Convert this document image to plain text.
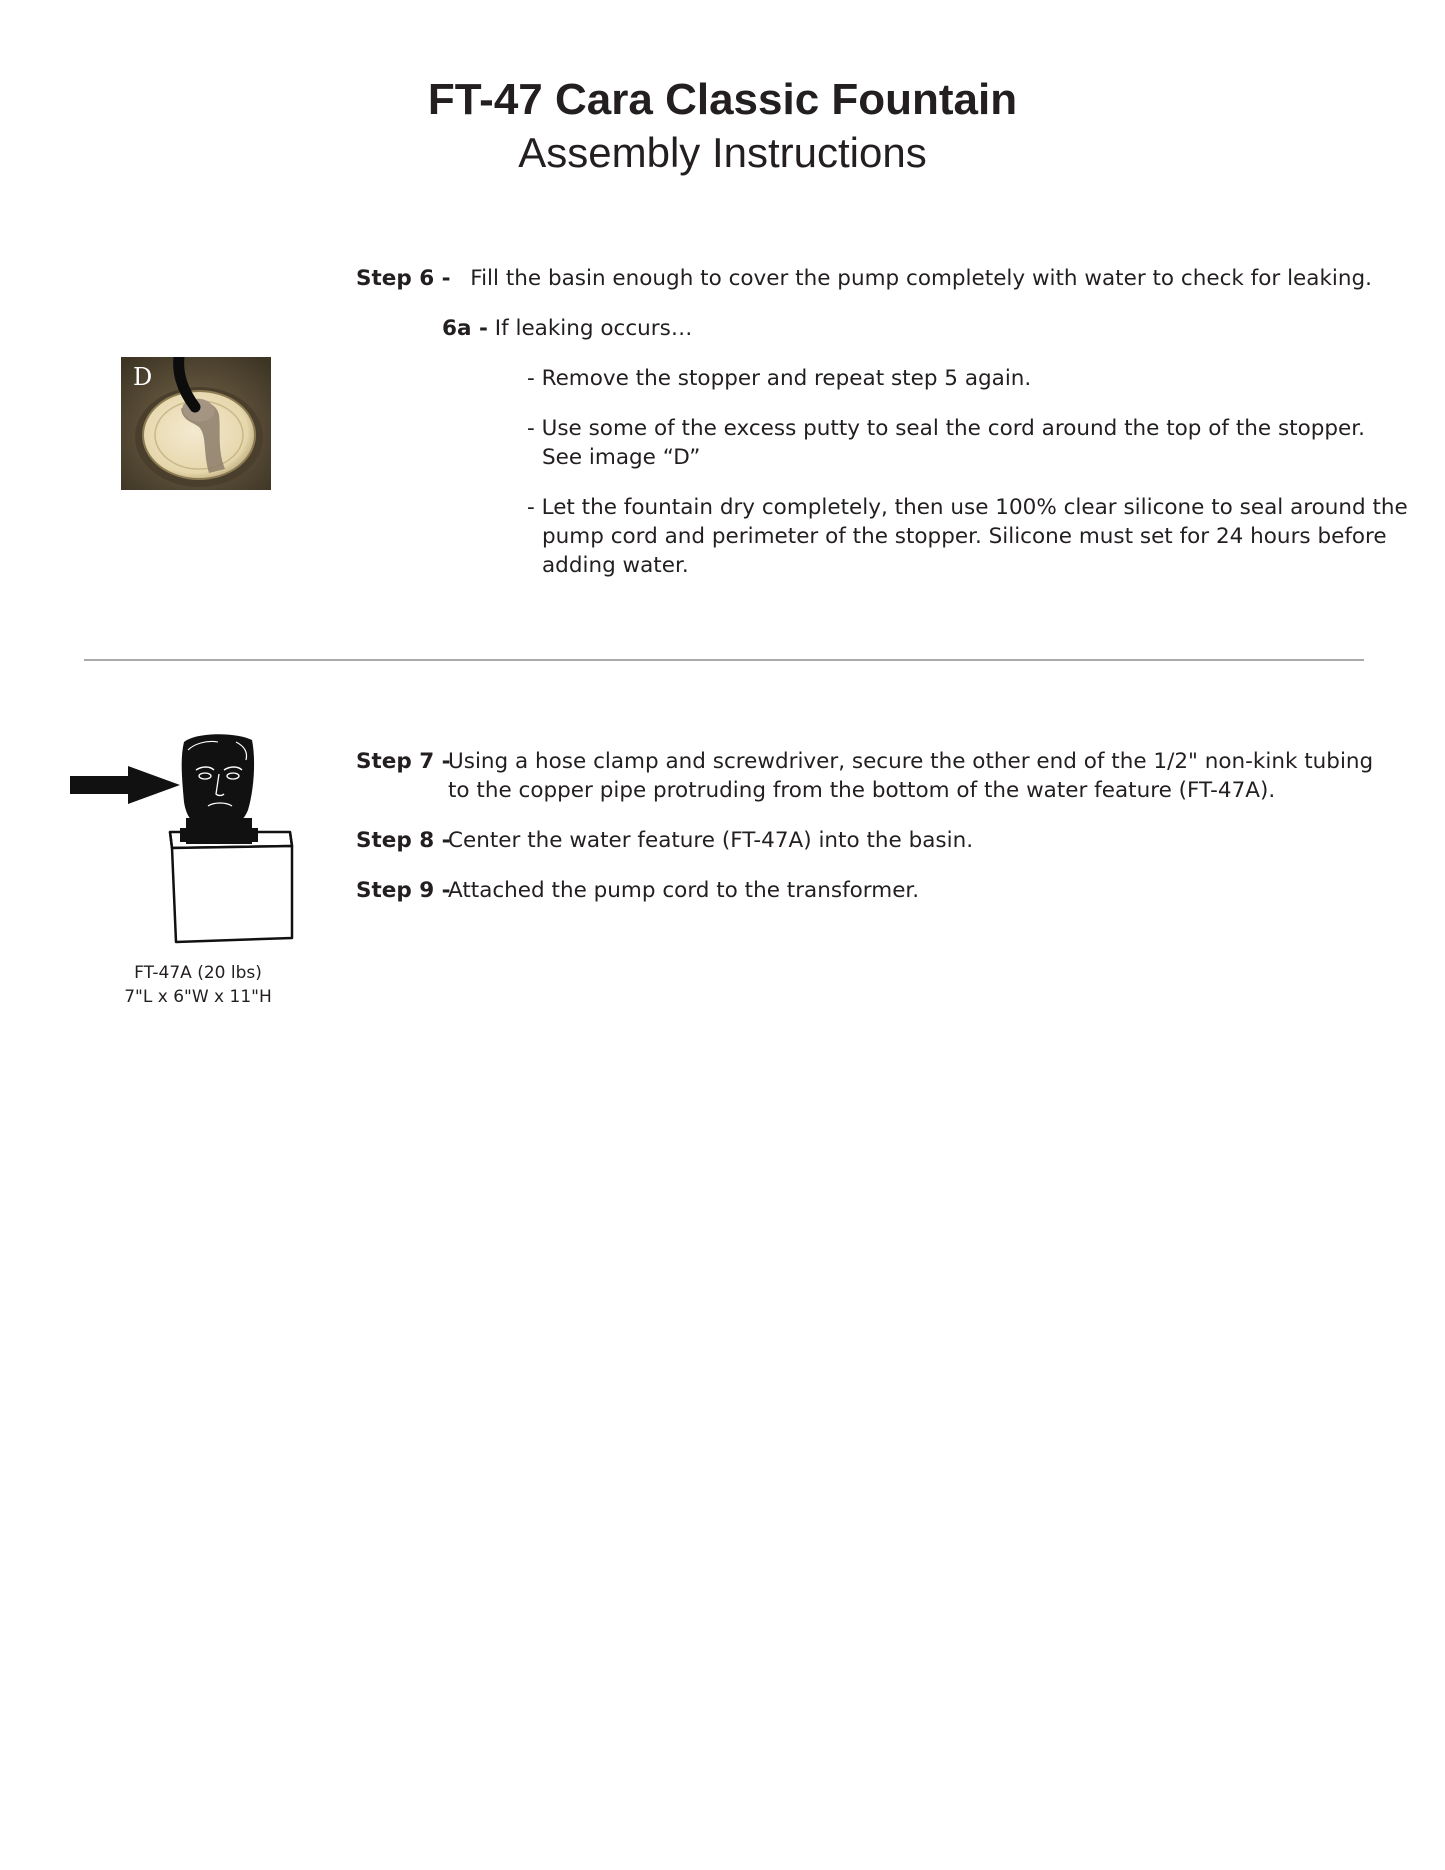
FT-47 Cara Classic Fountain
Assembly Instructions
D
Step 6 - Fill the basin enough to cover the pump completely with water to check for leaking.
6a - If leaking occurs…
- Remove the stopper and repeat step 5 again.
- Use some of the excess putty to seal the cord around the top of the stopper.
See image “D”
- Let the fountain dry completely, then use 100% clear silicone to seal around the
pump cord and perimeter of the stopper. Silicone must set for 24 hours before
adding water.
FT-47A (20 lbs)
7"L x 6"W x 11"H
Step 7 -
Using a hose clamp and screwdriver, secure the other end of the 1/2" non-kink tubing
to the copper pipe protruding from the bottom of the water feature (FT-47A).
Step 8 -
Center the water feature (FT-47A) into the basin.
Step 9 -
Attached the pump cord to the transformer.
